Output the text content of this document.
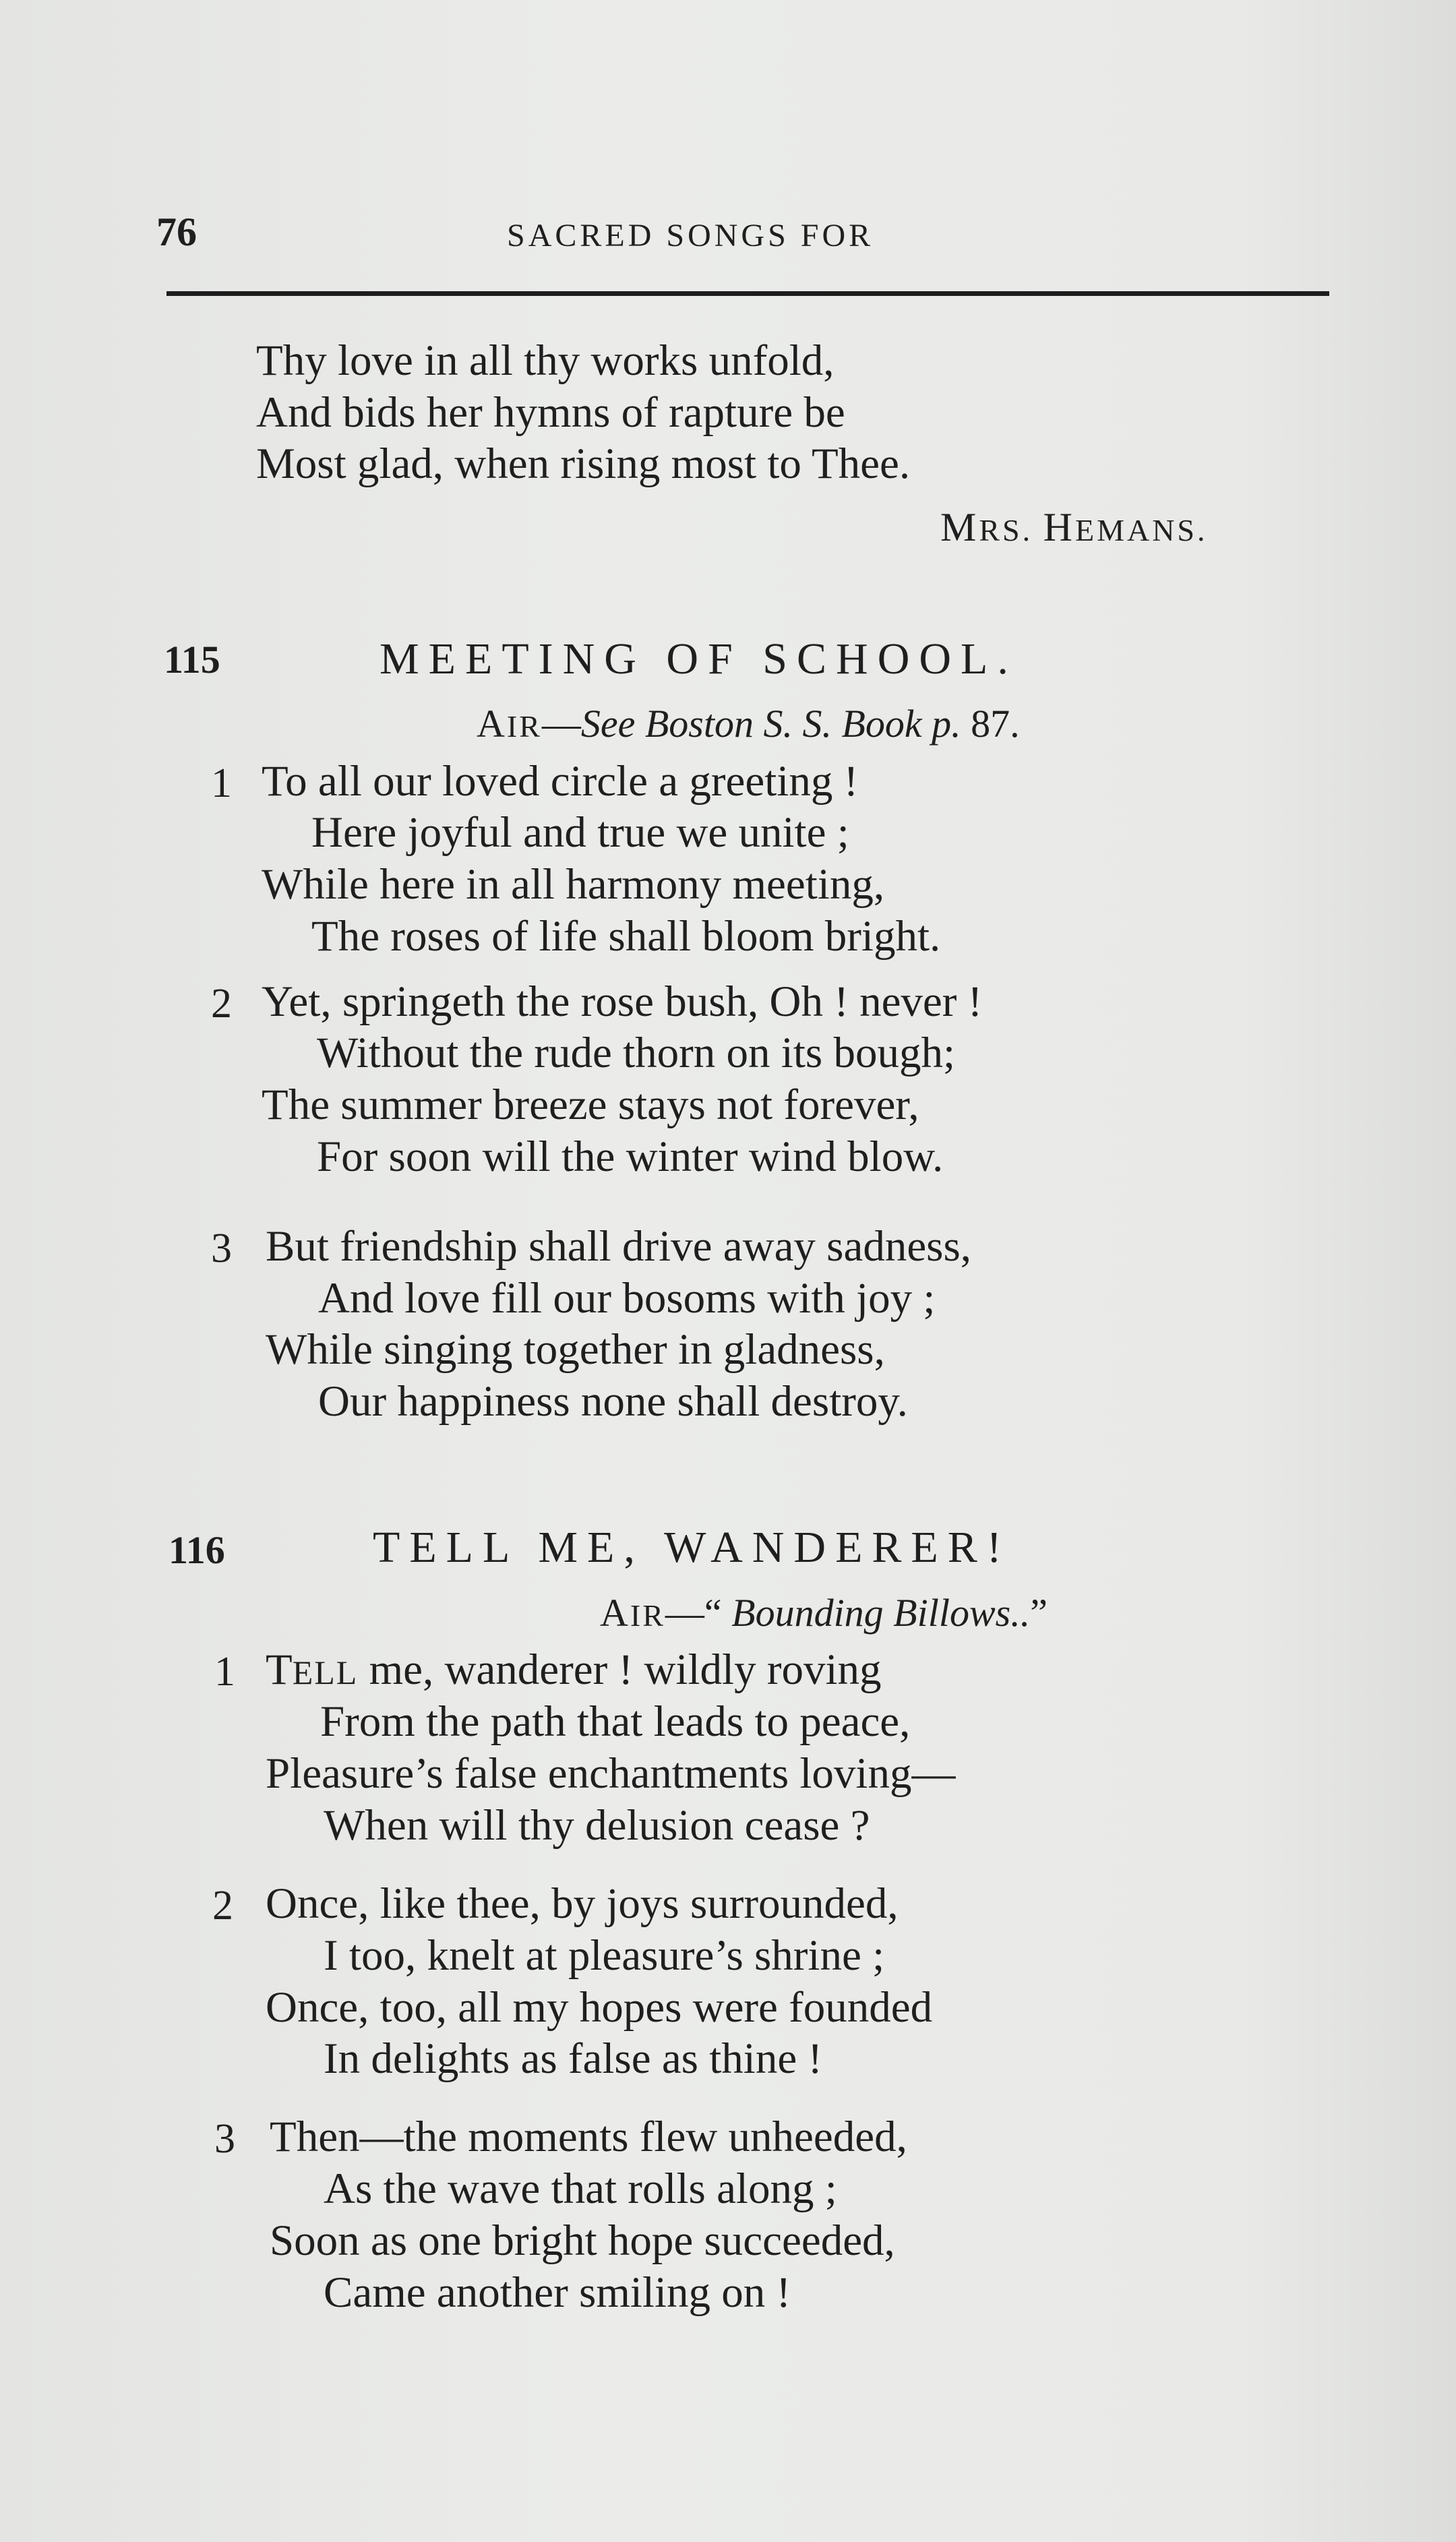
76	SACRED SONGS FOR
Thy love in all thy works unfold,
And bids her hymns of rapture be
Most glad, when rising most to Thee.
MRS. HEMANS.
115	MEETING OF SCHOOL.
AIR—See Boston S. S. Book p. 87.
1 To all our loved circle a greeting !
Here joyful and true we unite ;
While here in all harmony meeting,
The roses of life shall bloom bright.
2 Yet, springeth the rose bush, Oh ! never !
Without the rude thorn on its bough;
The summer breeze stays not forever,
For soon will the winter wind blow.
3 But friendship shall drive away sadness,
And love fill our bosoms with joy ;
While singing together in gladness,
Our happiness none shall destroy.
116	TELL ME, WANDERER!
AIR—“ Bounding Billows..”
1 TELL me, wanderer ! wildly roving
From the path that leads to peace,
Pleasure’s false enchantments loving—
When will thy delusion cease ?
2 Once, like thee, by joys surrounded,
I too, knelt at pleasure’s shrine ;
Once, too, all my hopes were founded
In delights as false as thine !
3 Then—the moments flew unheeded,
As the wave that rolls along ;
Soon as one bright hope succeeded,
Came another smiling on !
